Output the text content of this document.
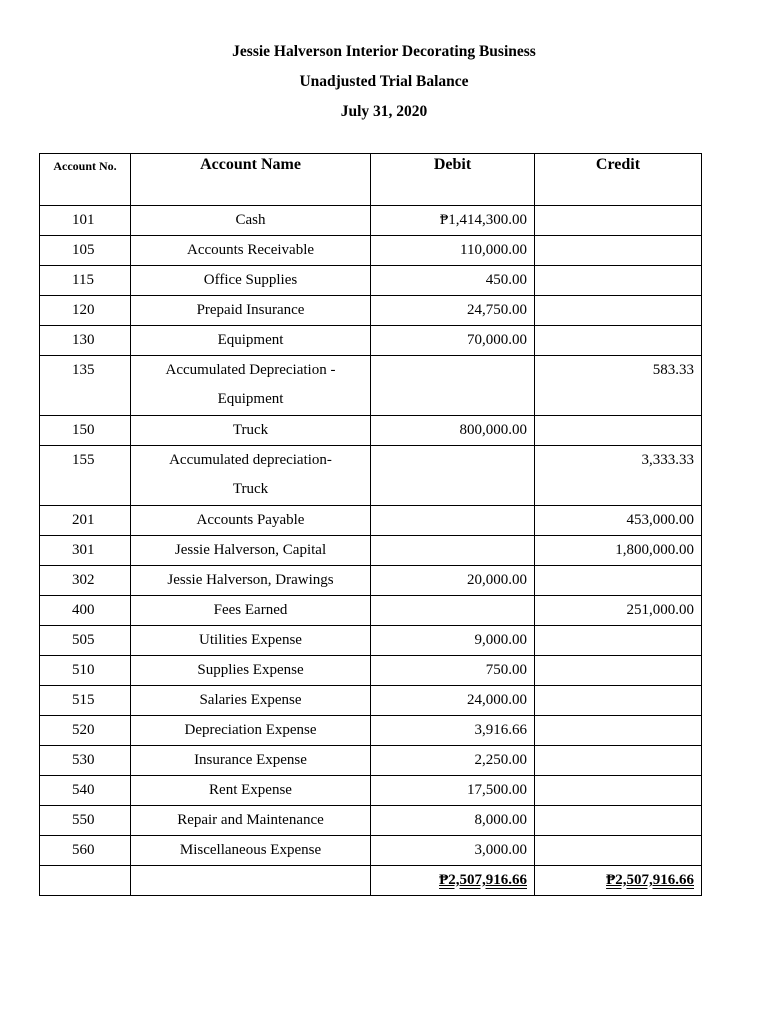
Jessie Halverson Interior Decorating Business
Unadjusted Trial Balance
July 31, 2020
Account No.	Account Name	Debit	Credit
101	Cash	₱1,414,300.00	
105	Accounts Receivable	110,000.00	
115	Office Supplies	450.00	
120	Prepaid Insurance	24,750.00	
130	Equipment	70,000.00	
135	Accumulated Depreciation -
Equipment		583.33
150	Truck	800,000.00	
155	Accumulated depreciation-
Truck		3,333.33
201	Accounts Payable		453,000.00
301	Jessie Halverson, Capital		1,800,000.00
302	Jessie Halverson, Drawings	20,000.00	
400	Fees Earned		251,000.00
505	Utilities Expense	9,000.00	
510	Supplies Expense	750.00	
515	Salaries Expense	24,000.00	
520	Depreciation Expense	3,916.66	
530	Insurance Expense	2,250.00	
540	Rent Expense	17,500.00	
550	Repair and Maintenance	8,000.00	
560	Miscellaneous Expense	3,000.00	
		₱2,507,916.66	₱2,507,916.66
